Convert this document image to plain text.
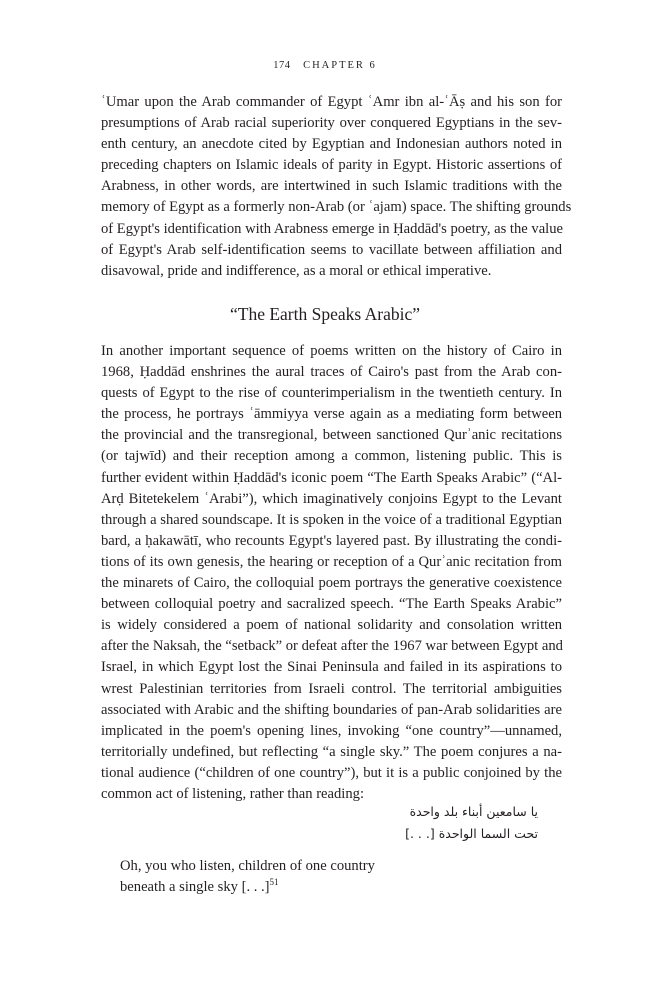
174 CHAPTER 6

ʿUmar upon the Arab commander of Egypt ʿAmr ibn al-ʿĀṣ and his son for
presumptions of Arab racial superiority over conquered Egyptians in the sev-
enth century, an anecdote cited by Egyptian and Indonesian authors noted in
preceding chapters on Islamic ideals of parity in Egypt. Historic assertions of
Arabness, in other words, are intertwined in such Islamic traditions with the
memory of Egypt as a formerly non-Arab (or ʿajam) space. The shifting grounds
of Egypt's identification with Arabness emerge in Ḥaddād's poetry, as the value
of Egypt's Arab self-identification seems to vacillate between affiliation and
disavowal, pride and indifference, as a moral or ethical imperative.

“The Earth Speaks Arabic”

In another important sequence of poems written on the history of Cairo in
1968, Ḥaddād enshrines the aural traces of Cairo's past from the Arab con-
quests of Egypt to the rise of counterimperialism in the twentieth century. In
the process, he portrays ʿāmmiyya verse again as a mediating form between
the provincial and the transregional, between sanctioned Qurʾanic recitations
(or tajwīd) and their reception among a common, listening public. This is
further evident within Ḥaddād's iconic poem “The Earth Speaks Arabic” (“Al-
Arḍ Bitetekelem ʿArabi”), which imaginatively conjoins Egypt to the Levant
through a shared soundscape. It is spoken in the voice of a traditional Egyptian
bard, a ḥakawātī, who recounts Egypt's layered past. By illustrating the condi-
tions of its own genesis, the hearing or reception of a Qurʾanic recitation from
the minarets of Cairo, the colloquial poem portrays the generative coexistence
between colloquial poetry and sacralized speech. “The Earth Speaks Arabic”
is widely considered a poem of national solidarity and consolation written
after the Naksah, the “setback” or defeat after the 1967 war between Egypt and
Israel, in which Egypt lost the Sinai Peninsula and failed in its aspirations to
wrest Palestinian territories from Israeli control. The territorial ambiguities
associated with Arabic and the shifting boundaries of pan-Arab solidarities are
implicated in the poem's opening lines, invoking “one country”—unnamed,
territorially undefined, but reflecting “a single sky.” The poem conjures a na-
tional audience (“children of one country”), but it is a public conjoined by the
common act of listening, rather than reading:

يا سامعين أبناء بلد واحدة
تحت السما الواحدة [. . .]
Oh, you who listen, children of one country
beneath a single sky [. . .]$^{51}$
